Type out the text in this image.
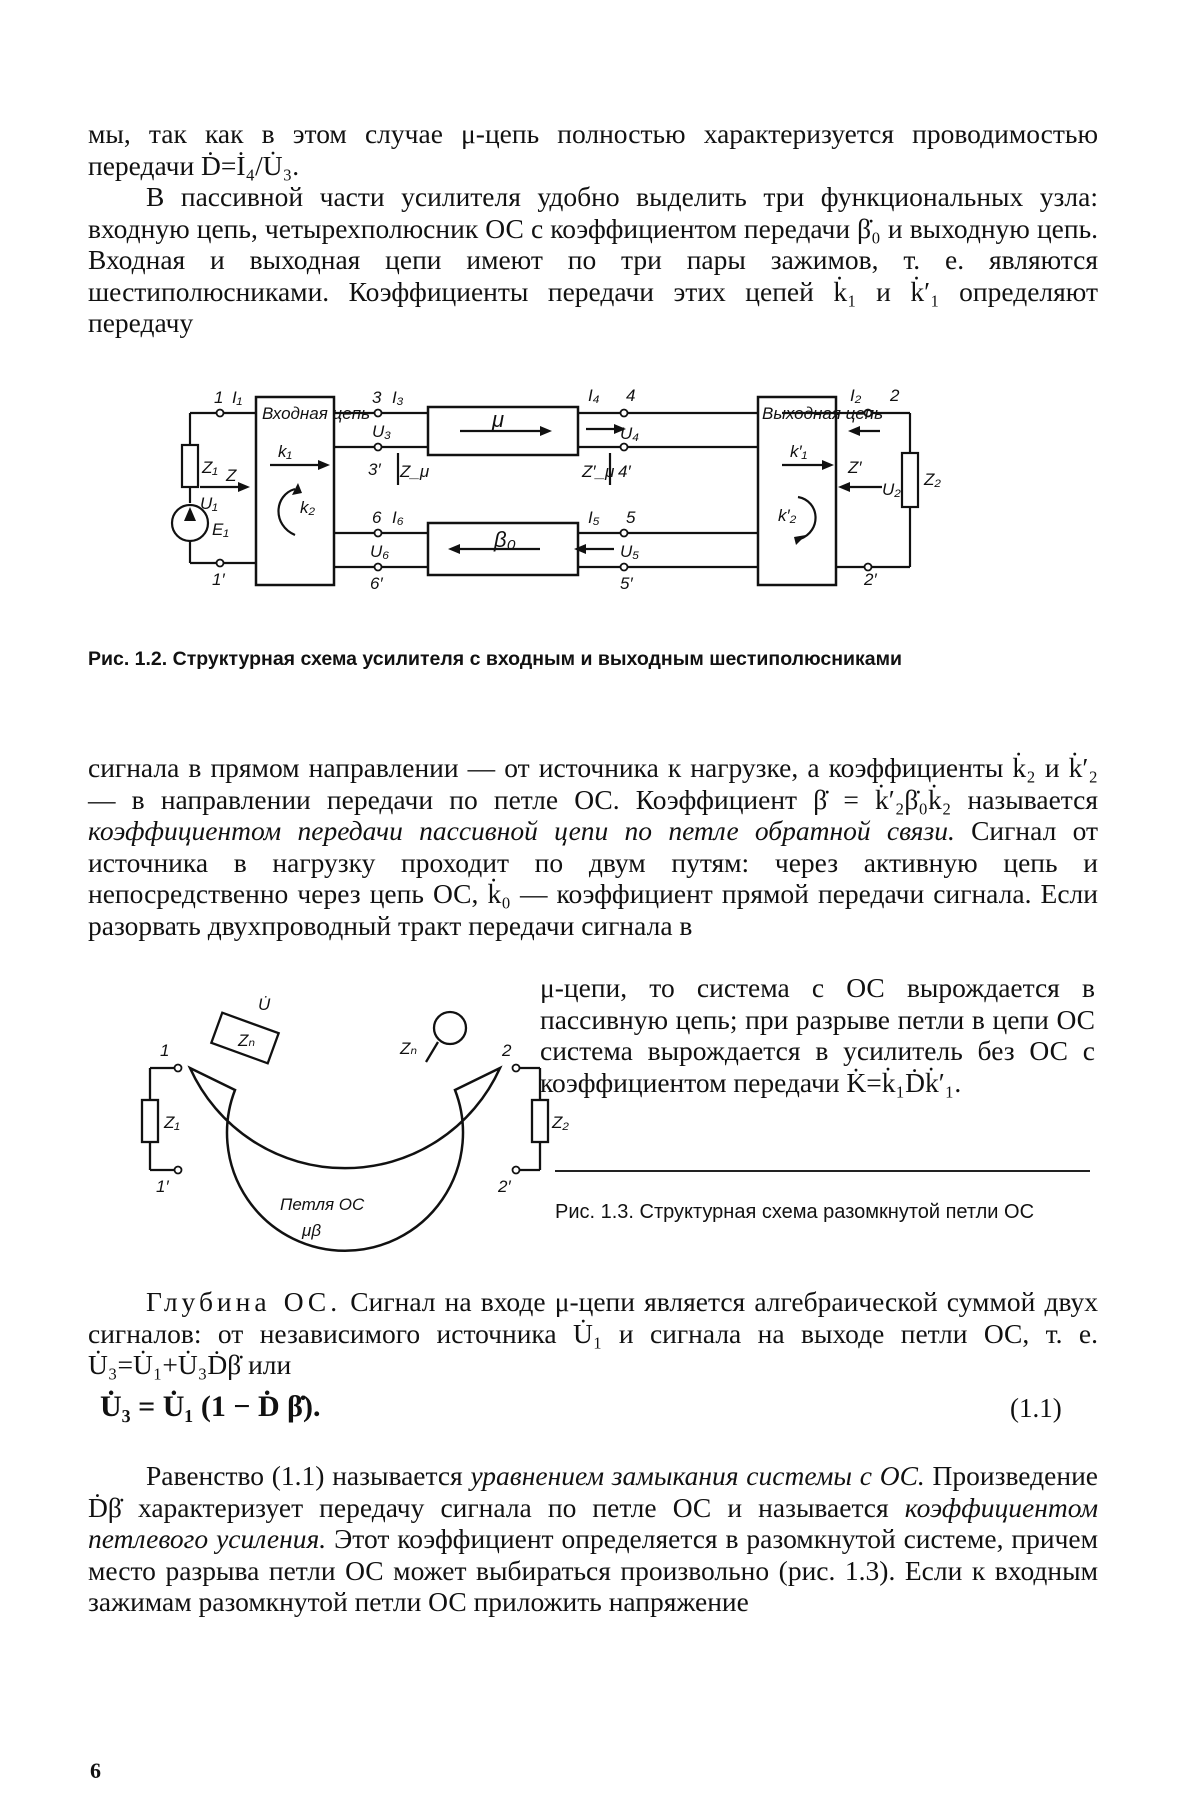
мы, так как в этом случае μ-цепь полностью характеризуется проводимостью передачи Ḋ=İ₄/U̇₃.

В пассивной части усилителя удобно выделить три функциональных узла: входную цепь, четырехполюсник ОС с коэффициентом передачи β̇₀ и выходную цепь. Входная и выходная цепи имеют по три пары зажимов, т. е. являются шестиполюсниками. Коэффициенты передачи этих цепей k̇₁ и k̇′₁ определяют передачу

Входная цепь
k₁
k₂
Выходная цепь
k′₁
k′₂
μ
β₀
1
1′
I₁
Z₁
U₁
Z
E₁
3
3′
I₃
U₃
Z_μ
4
4′
I₄
U₄
Z′_μ
5
5′
I₅
U₅
6
6′
I₆
U₆
2
2′
I₂
Z₂
U₂
Z′
Рис. 1.2. Структурная схема усилителя с входным и выходным шестиполюсниками

сигнала в прямом направлении — от источника к нагрузке, а коэффициенты k̇₂ и k̇′₂ — в направлении передачи по петле ОС. Коэффициент β̇ = k̇′₂β̇₀k̇₂ называется коэффициентом передачи пассивной цепи по петле обратной связи. Сигнал от источника в нагрузку проходит по двум путям: через активную цепь и непосредственно через цепь ОС, k̇₀ — коэффициент прямой передачи сигнала. Если разорвать двухпроводный тракт передачи сигнала в

μ-цепи, то система с ОС вырождается в пассивную цепь; при разрыве петли в цепи ОС система вырождается в усилитель без ОС с коэффициентом передачи K̇=k̇₁Ḋk̇′₁.

Zₙ
U̇
Zₙ
1
1′
Z₁
2
2′
Z₂
Петля ОС
μβ
Рис. 1.3. Структурная схема разомкнутой петли ОС

Глубина ОС. Сигнал на входе μ-цепи является алгебраической суммой двух сигналов: от независимого источника U̇₁ и сигнала на выходе петли ОС, т. е. U̇₃=U̇₁+U̇₃Ḋβ̇ или

U̇₃ = U̇₁ (1 − Ḋ β̇).	(1.1)

Равенство (1.1) называется уравнением замыкания системы с ОС. Произведение Ḋβ̇ характеризует передачу сигнала по петле ОС и называется коэффициентом петлевого усиления. Этот коэффициент определяется в разомкнутой системе, причем место разрыва петли ОС может выбираться произвольно (рис. 1.3). Если к входным зажимам разомкнутой петли ОС приложить напряжение

6
